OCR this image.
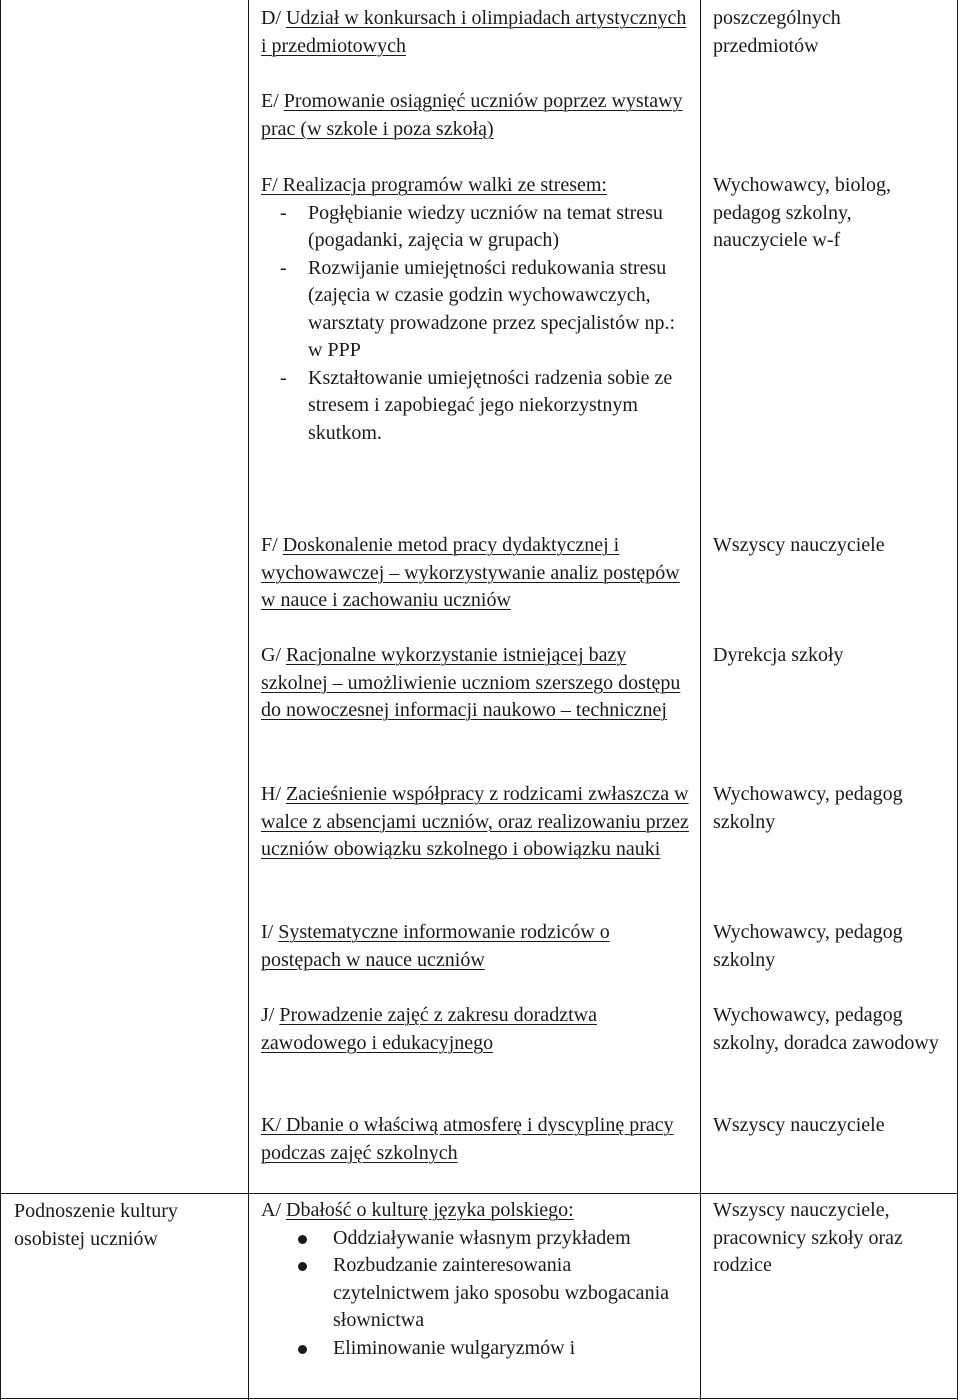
Podnoszenie kultury osobistej uczniów

D/ Udział w konkursach i olimpiadach artystycznych i przedmiotowych

E/ Promowanie osiągnięć uczniów poprzez wystawy prac (w szkole i poza szkołą)

F/ Realizacja programów walki ze stresem:

- Pogłębianie wiedzy uczniów na temat stresu (pogadanki, zajęcia w grupach)
- Rozwijanie umiejętności redukowania stresu (zajęcia w czasie godzin wychowawczych, warsztaty prowadzone przez specjalistów np.: w PPP
- Kształtowanie umiejętności radzenia sobie ze stresem i zapobiegać jego niekorzystnym skutkom.

F/ Doskonalenie metod pracy dydaktycznej i wychowawczej – wykorzystywanie analiz postępów w nauce i zachowaniu uczniów

G/ Racjonalne wykorzystanie istniejącej bazy szkolnej – umożliwienie uczniom szerszego dostępu do nowoczesnej informacji naukowo – technicznej

H/ Zacieśnienie współpracy z rodzicami zwłaszcza w walce z absencjami uczniów, oraz realizowaniu przez uczniów obowiązku szkolnego i obowiązku nauki

I/ Systematyczne informowanie rodziców o postępach w nauce uczniów

J/ Prowadzenie zajęć z zakresu doradztwa zawodowego i edukacyjnego

K/ Dbanie o właściwą atmosferę i dyscyplinę pracy podczas zajęć szkolnych

A/ Dbałość o kulturę języka polskiego:

Oddziaływanie własnym przykładem
Rozbudzanie zainteresowania czytelnictwem jako sposobu wzbogacania słownictwa
Eliminowanie wulgaryzmów i

poszczególnych przedmiotów

Wychowawcy, biolog, pedagog szkolny, nauczyciele w-f

Wszyscy nauczyciele

Dyrekcja szkoły

Wychowawcy, pedagog szkolny

Wychowawcy, pedagog szkolny

Wychowawcy, pedagog szkolny, doradca zawodowy

Wszyscy nauczyciele

Wszyscy nauczyciele, pracownicy szkoły oraz rodzice
